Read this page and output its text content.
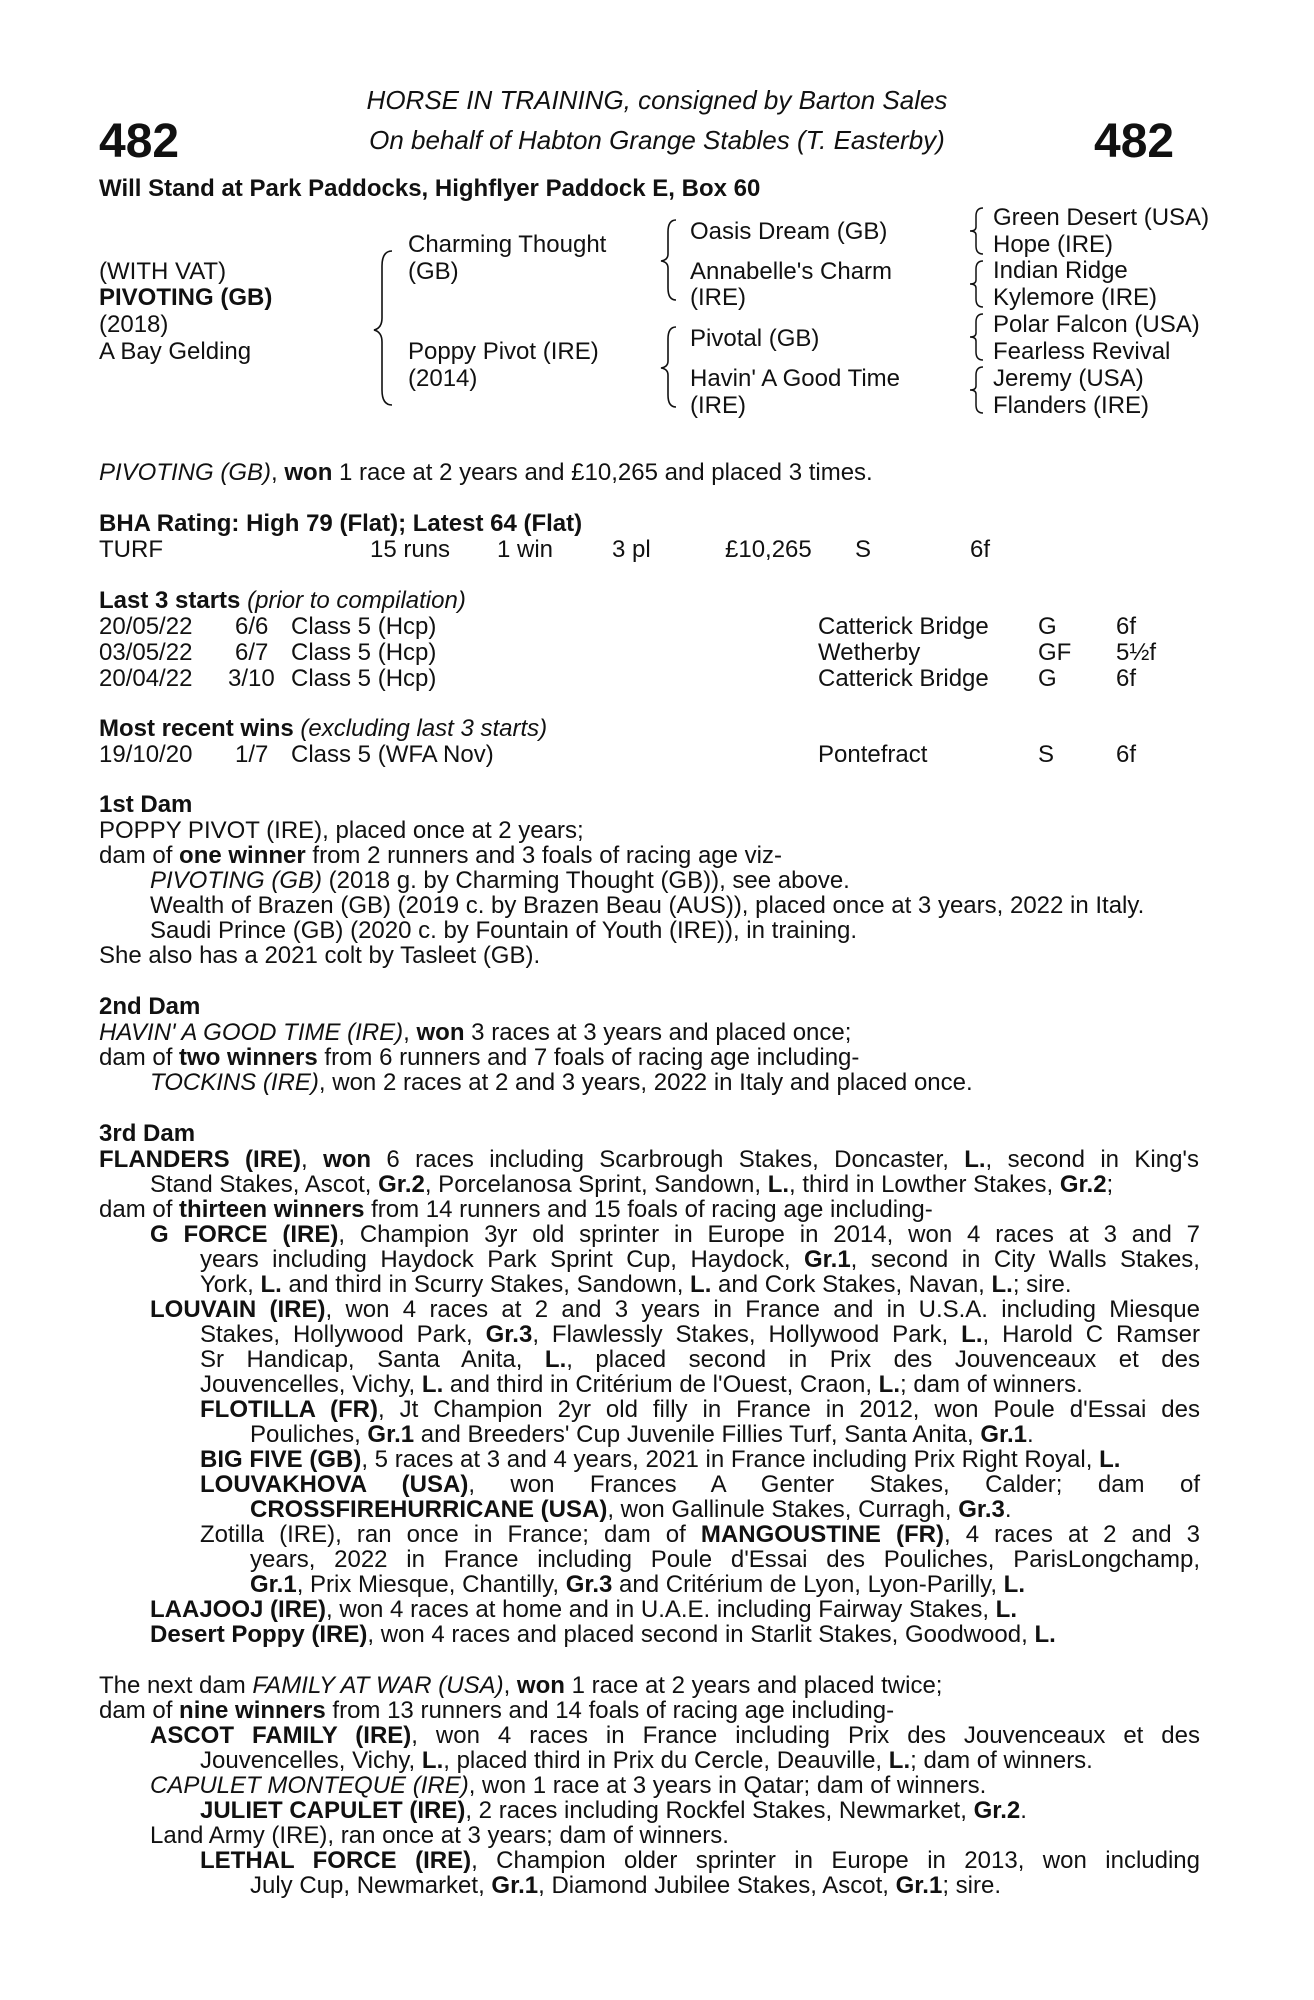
482	482
HORSE IN TRAINING, consigned by Barton Sales
On behalf of Habton Grange Stables (T. Easterby)
Will Stand at Park Paddocks, Highflyer Paddock E, Box 60
(WITH VAT)
PIVOTING (GB)
(2018)
A Bay Gelding
Charming Thought
(GB)
Poppy Pivot (IRE)
(2014)
Oasis Dream (GB)
Annabelle's Charm
(IRE)
Pivotal (GB)
Havin' A Good Time
(IRE)
Green Desert (USA)
Hope (IRE)
Indian Ridge
Kylemore (IRE)
Polar Falcon (USA)
Fearless Revival
Jeremy (USA)
Flanders (IRE)
PIVOTING (GB), won 1 race at 2 years and £10,265 and placed 3 times.
BHA Rating: High 79 (Flat); Latest 64 (Flat)
TURF	15 runs 1 win 3 pl	£10,265 S	6f
Last 3 starts (prior to compilation)
20/05/22 6/6 Class 5 (Hcp)	Catterick Bridge G 6f
03/05/22 6/7 Class 5 (Hcp)	Wetherby	GF 5½f
20/04/22 3/10 Class 5 (Hcp)	Catterick Bridge G 6f
Most recent wins (excluding last 3 starts)
19/10/20 1/7 Class 5 (WFA Nov)	Pontefract	S	6f
1st Dam
POPPY PIVOT (IRE), placed once at 2 years;
dam of one winner from 2 runners and 3 foals of racing age viz-
PIVOTING (GB) (2018 g. by Charming Thought (GB)), see above.
Wealth of Brazen (GB) (2019 c. by Brazen Beau (AUS)), placed once at 3 years, 2022 in Italy.
Saudi Prince (GB) (2020 c. by Fountain of Youth (IRE)), in training.
She also has a 2021 colt by Tasleet (GB).
2nd Dam
HAVIN' A GOOD TIME (IRE), won 3 races at 3 years and placed once;
dam of two winners from 6 runners and 7 foals of racing age including-
TOCKINS (IRE), won 2 races at 2 and 3 years, 2022 in Italy and placed once.
3rd Dam
FLANDERS (IRE), won 6 races including Scarbrough Stakes, Doncaster, L., second in King's
Stand Stakes, Ascot, Gr.2, Porcelanosa Sprint, Sandown, L., third in Lowther Stakes, Gr.2;
dam of thirteen winners from 14 runners and 15 foals of racing age including-
G FORCE (IRE), Champion 3yr old sprinter in Europe in 2014, won 4 races at 3 and 7
years including Haydock Park Sprint Cup, Haydock, Gr.1, second in City Walls Stakes,
York, L. and third in Scurry Stakes, Sandown, L. and Cork Stakes, Navan, L.; sire.
LOUVAIN (IRE), won 4 races at 2 and 3 years in France and in U.S.A. including Miesque
Stakes, Hollywood Park, Gr.3, Flawlessly Stakes, Hollywood Park, L., Harold C Ramser
Sr Handicap, Santa Anita, L., placed second in Prix des Jouvenceaux et des
Jouvencelles, Vichy, L. and third in Critérium de l'Ouest, Craon, L.; dam of winners.
FLOTILLA (FR), Jt Champion 2yr old filly in France in 2012, won Poule d'Essai des
Pouliches, Gr.1 and Breeders' Cup Juvenile Fillies Turf, Santa Anita, Gr.1.
BIG FIVE (GB), 5 races at 3 and 4 years, 2021 in France including Prix Right Royal, L.
LOUVAKHOVA (USA), won Frances A Genter Stakes, Calder; dam of
CROSSFIREHURRICANE (USA), won Gallinule Stakes, Curragh, Gr.3.
Zotilla (IRE), ran once in France; dam of MANGOUSTINE (FR), 4 races at 2 and 3
years, 2022 in France including Poule d'Essai des Pouliches, ParisLongchamp,
Gr.1, Prix Miesque, Chantilly, Gr.3 and Critérium de Lyon, Lyon-Parilly, L.
LAAJOOJ (IRE), won 4 races at home and in U.A.E. including Fairway Stakes, L.
Desert Poppy (IRE), won 4 races and placed second in Starlit Stakes, Goodwood, L.
The next dam FAMILY AT WAR (USA), won 1 race at 2 years and placed twice;
dam of nine winners from 13 runners and 14 foals of racing age including-
ASCOT FAMILY (IRE), won 4 races in France including Prix des Jouvenceaux et des
Jouvencelles, Vichy, L., placed third in Prix du Cercle, Deauville, L.; dam of winners.
CAPULET MONTEQUE (IRE), won 1 race at 3 years in Qatar; dam of winners.
JULIET CAPULET (IRE), 2 races including Rockfel Stakes, Newmarket, Gr.2.
Land Army (IRE), ran once at 3 years; dam of winners.
LETHAL FORCE (IRE), Champion older sprinter in Europe in 2013, won including
July Cup, Newmarket, Gr.1, Diamond Jubilee Stakes, Ascot, Gr.1; sire.
